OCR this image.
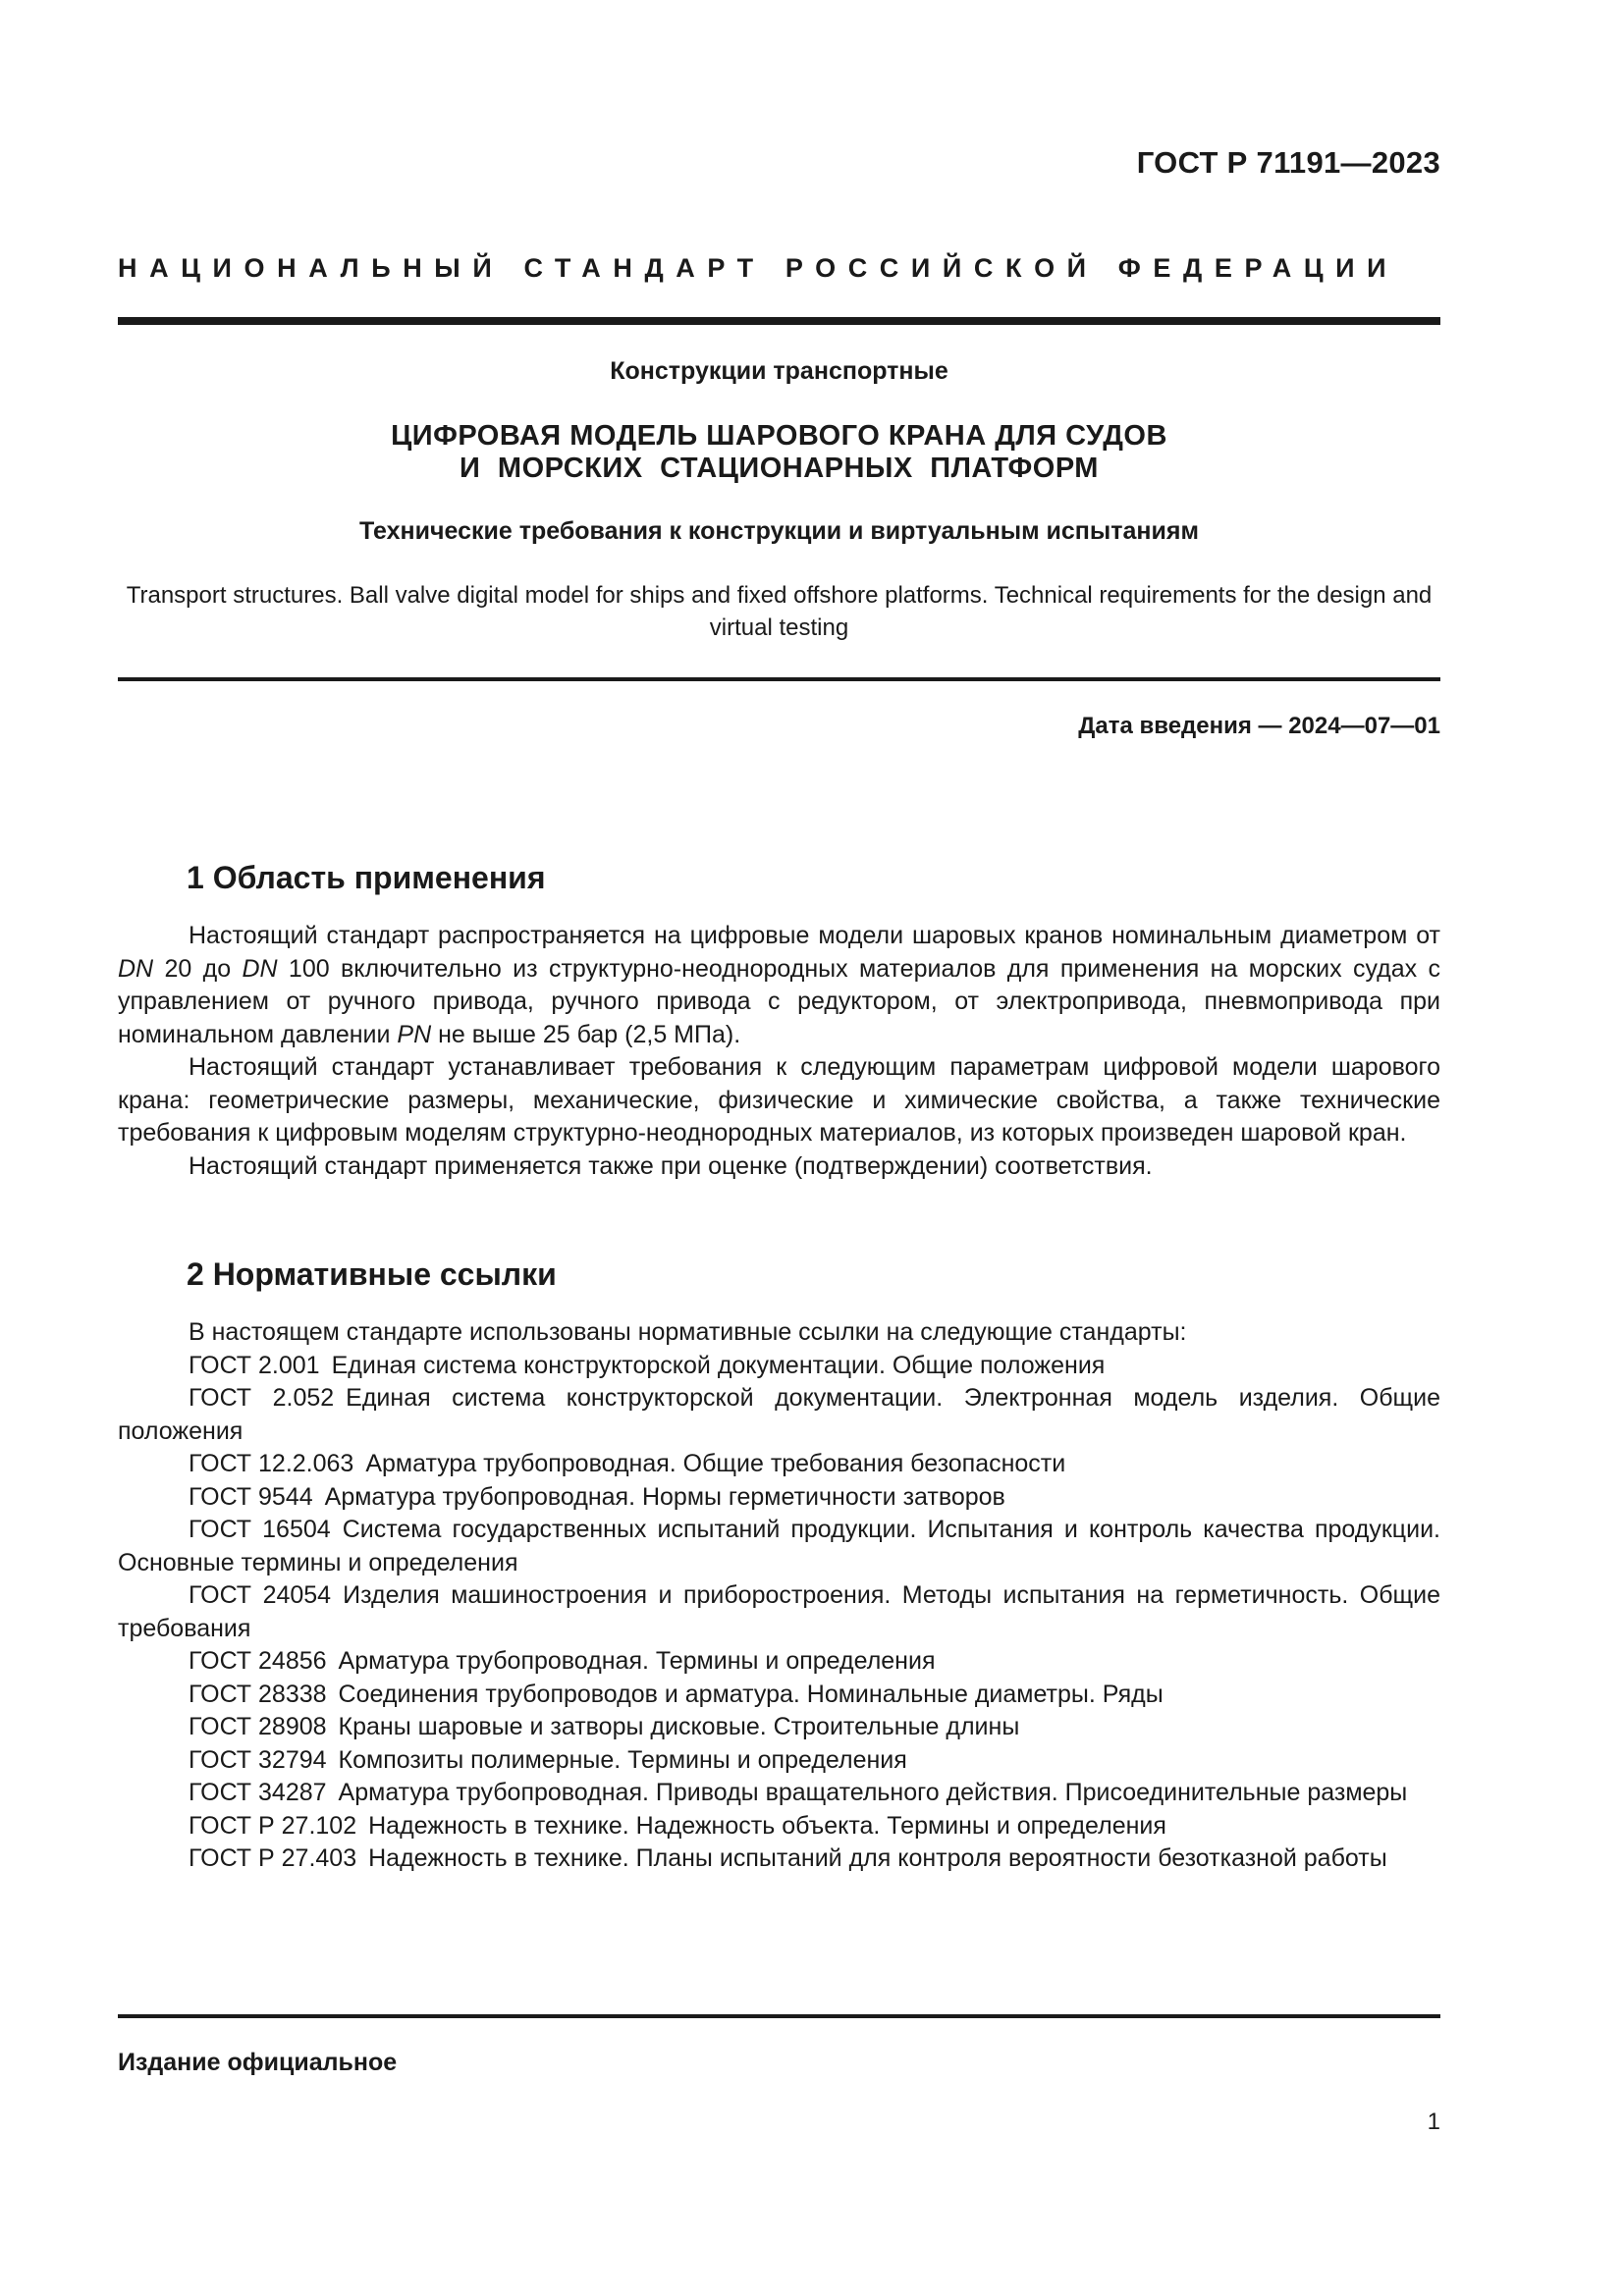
ГОСТ Р 71191—2023
НАЦИОНАЛЬНЫЙ СТАНДАРТ РОССИЙСКОЙ ФЕДЕРАЦИИ
Конструкции транспортные
ЦИФРОВАЯ МОДЕЛЬ ШАРОВОГО КРАНА ДЛЯ СУДОВ
И МОРСКИХ СТАЦИОНАРНЫХ ПЛАТФОРМ
Технические требования к конструкции и виртуальным испытаниям
Transport structures. Ball valve digital model for ships and fixed offshore platforms. Technical requirements for the design and virtual testing
Дата введения — 2024—07—01
1 Область применения

Настоящий стандарт распространяется на цифровые модели шаровых кранов номинальным диаметром от DN 20 до DN 100 включительно из структурно-неоднородных материалов для применения на морских судах с управлением от ручного привода, ручного привода с редуктором, от электропривода, пневмопривода при номинальном давлении PN не выше 25 бар (2,5 МПа).

Настоящий стандарт устанавливает требования к следующим параметрам цифровой модели шарового крана: геометрические размеры, механические, физические и химические свойства, а также технические требования к цифровым моделям структурно-неоднородных материалов, из которых произведен шаровой кран.

Настоящий стандарт применяется также при оценке (подтверждении) соответствия.

2 Нормативные ссылки

В настоящем стандарте использованы нормативные ссылки на следующие стандарты:

ГОСТ 2.001 Единая система конструкторской документации. Общие положения

ГОСТ 2.052 Единая система конструкторской документации. Электронная модель изделия. Общие положения

ГОСТ 12.2.063 Арматура трубопроводная. Общие требования безопасности

ГОСТ 9544 Арматура трубопроводная. Нормы герметичности затворов

ГОСТ 16504 Система государственных испытаний продукции. Испытания и контроль качества продукции. Основные термины и определения

ГОСТ 24054 Изделия машиностроения и приборостроения. Методы испытания на герметичность. Общие требования

ГОСТ 24856 Арматура трубопроводная. Термины и определения

ГОСТ 28338 Соединения трубопроводов и арматура. Номинальные диаметры. Ряды

ГОСТ 28908 Краны шаровые и затворы дисковые. Строительные длины

ГОСТ 32794 Композиты полимерные. Термины и определения

ГОСТ 34287 Арматура трубопроводная. Приводы вращательного действия. Присоединительные размеры

ГОСТ Р 27.102 Надежность в технике. Надежность объекта. Термины и определения

ГОСТ Р 27.403 Надежность в технике. Планы испытаний для контроля вероятности безотказной работы

Издание официальное
1
